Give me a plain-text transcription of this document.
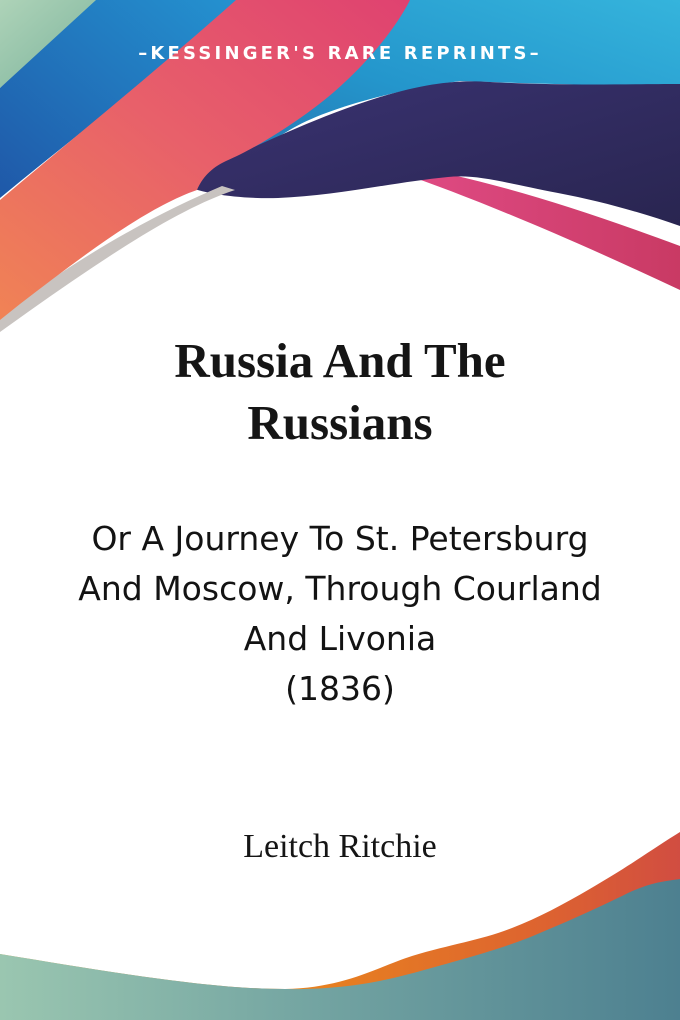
–KESSINGER'S RARE REPRINTS–
Russia And The
Russians
Or A Journey To St. Petersburg
And Moscow, Through Courland
And Livonia
(1836)
Leitch Ritchie
